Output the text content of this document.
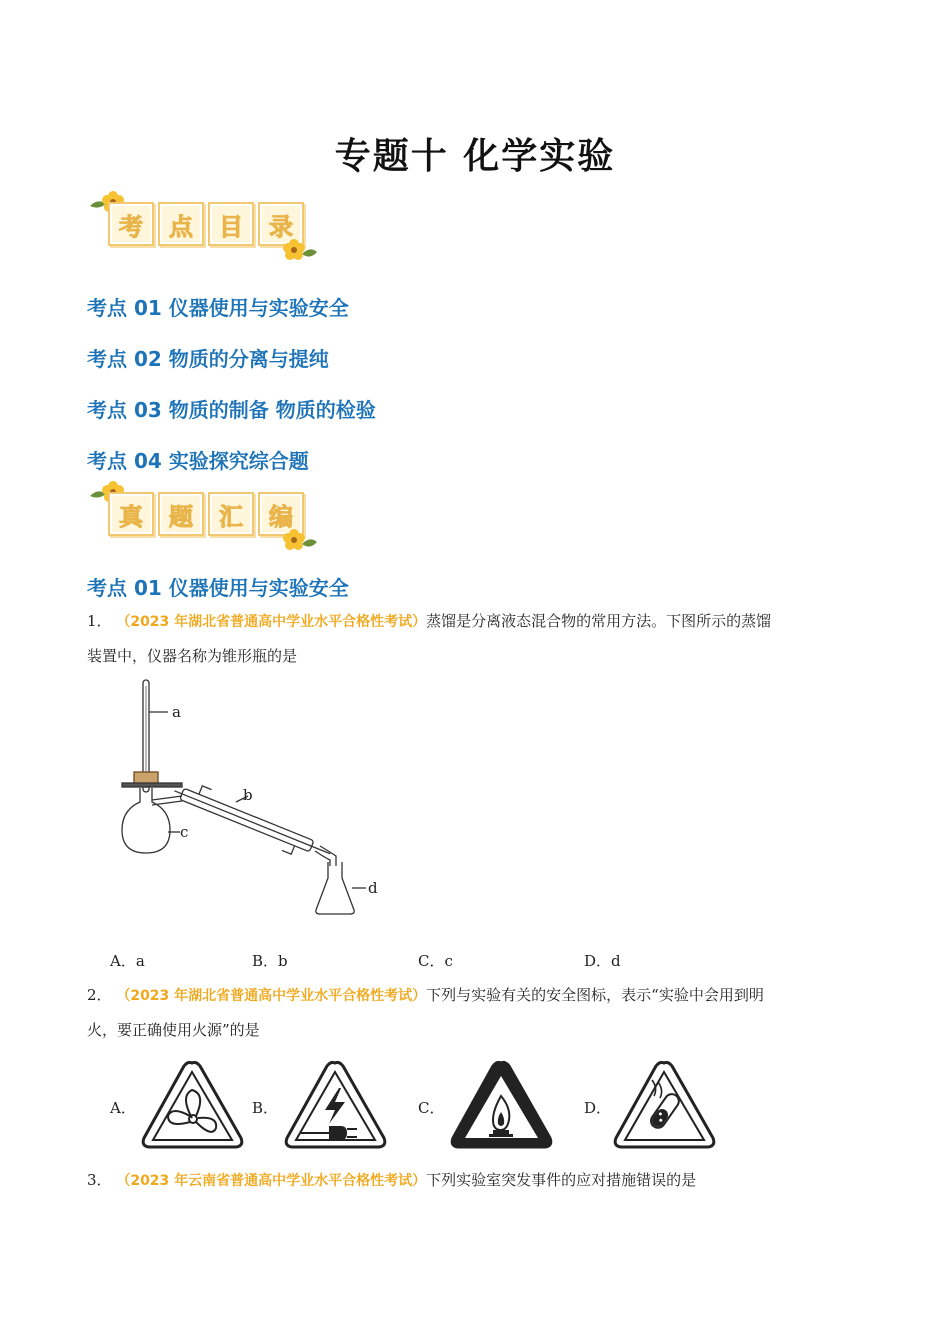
专题十 化学实验
考	点	目	录
考点 01 仪器使用与实验安全
考点 02 物质的分离与提纯
考点 03 物质的制备 物质的检验
考点 04 实验探究综合题
真	题	汇	编
考点 01 仪器使用与实验安全
1． （2023 年湖北省普通高中学业水平合格性考试）蒸馏是分离液态混合物的常用方法。下图所示的蒸馏
装置中，仪器名称为锥形瓶的是
a
b
c
d
A．a	B．b	C．c	D．d
2． （2023 年湖北省普通高中学业水平合格性考试）下列与实验有关的安全图标，表示“实验中会用到明
火，要正确使用火源”的是
A．	B．	C．	D．
3． （2023 年云南省普通高中学业水平合格性考试）下列实验室突发事件的应对措施错误的是
